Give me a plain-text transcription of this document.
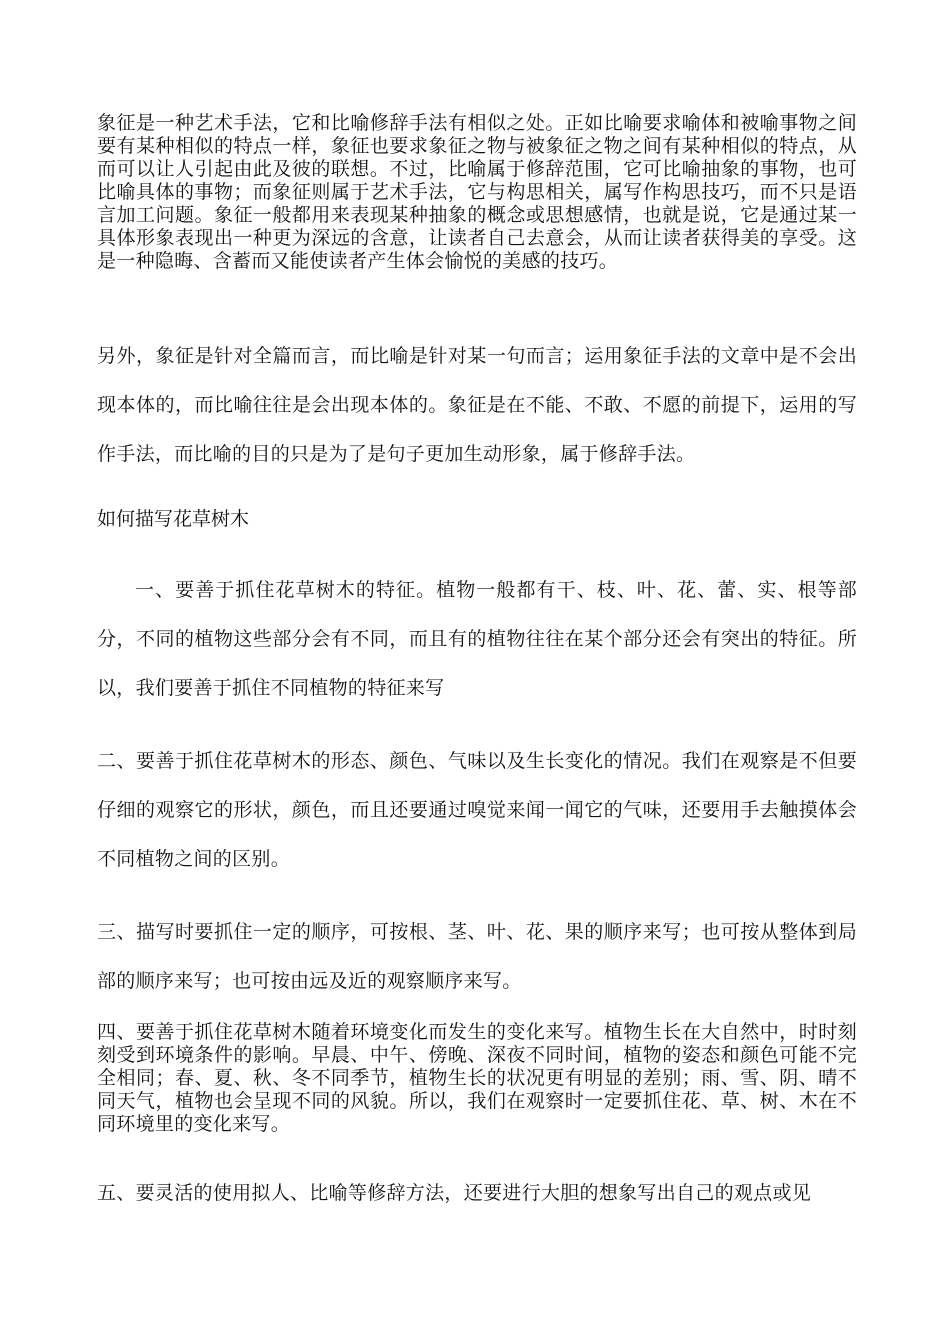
象征是一种艺术手法，它和比喻修辞手法有相似之处。正如比喻要求喻体和被喻事物之间要有某种相似的特点一样，象征也要求象征之物与被象征之物之间有某种相似的特点，从而可以让人引起由此及彼的联想。不过，比喻属于修辞范围，它可比喻抽象的事物，也可比喻具体的事物；而象征则属于艺术手法，它与构思相关，属写作构思技巧，而不只是语言加工问题。象征一般都用来表现某种抽象的概念或思想感情，也就是说，它是通过某一具体形象表现出一种更为深远的含意，让读者自己去意会，从而让读者获得美的享受。这是一种隐晦、含蓄而又能使读者产生体会愉悦的美感的技巧。

另外，象征是针对全篇而言，而比喻是针对某一句而言；运用象征手法的文章中是不会出现本体的，而比喻往往是会出现本体的。象征是在不能、不敢、不愿的前提下，运用的写作手法，而比喻的目的只是为了是句子更加生动形象，属于修辞手法。

如何描写花草树木

一、要善于抓住花草树木的特征。植物一般都有干、枝、叶、花、蕾、实、根等部分，不同的植物这些部分会有不同，而且有的植物往往在某个部分还会有突出的特征。所以，我们要善于抓住不同植物的特征来写

二、要善于抓住花草树木的形态、颜色、气味以及生长变化的情况。我们在观察是不但要仔细的观察它的形状，颜色，而且还要通过嗅觉来闻一闻它的气味，还要用手去触摸体会不同植物之间的区别。

三、描写时要抓住一定的顺序，可按根、茎、叶、花、果的顺序来写；也可按从整体到局部的顺序来写；也可按由远及近的观察顺序来写。

四、要善于抓住花草树木随着环境变化而发生的变化来写。植物生长在大自然中，时时刻刻受到环境条件的影响。早晨、中午、傍晚、深夜不同时间，植物的姿态和颜色可能不完全相同；春、夏、秋、冬不同季节，植物生长的状况更有明显的差别；雨、雪、阴、晴不同天气，植物也会呈现不同的风貌。所以，我们在观察时一定要抓住花、草、树、木在不同环境里的变化来写。

五、要灵活的使用拟人、比喻等修辞方法，还要进行大胆的想象写出自己的观点或见
